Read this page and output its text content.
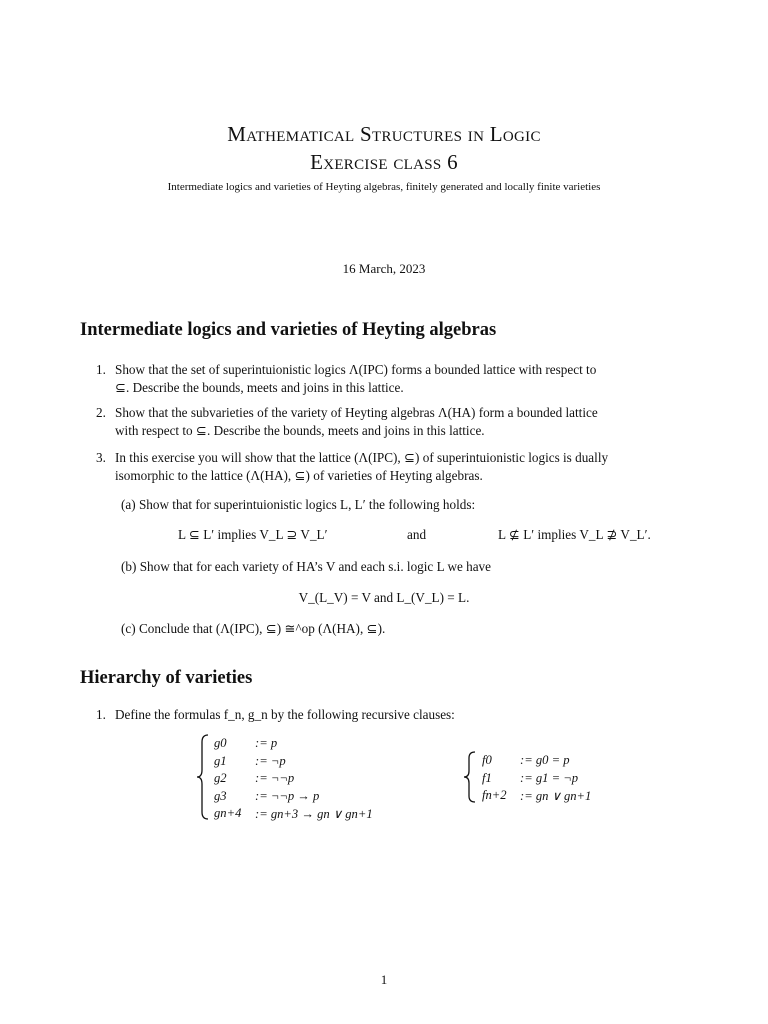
Mathematical Structures in Logic
Exercise class 6
Intermediate logics and varieties of Heyting algebras, finitely generated and locally finite varieties
16 March, 2023
Intermediate logics and varieties of Heyting algebras
1. Show that the set of superintuionistic logics Λ(IPC) forms a bounded lattice with respect to
⊆. Describe the bounds, meets and joins in this lattice.
2. Show that the subvarieties of the variety of Heyting algebras Λ(HA) form a bounded lattice
with respect to ⊆. Describe the bounds, meets and joins in this lattice.
3. In this exercise you will show that the lattice (Λ(IPC), ⊆) of superintuionistic logics is dually
isomorphic to the lattice (Λ(HA), ⊆) of varieties of Heyting algebras.
(a) Show that for superintuionistic logics L, L′ the following holds:
L ⊆ L′ implies V_L ⊇ V_L′	and	L ⊈ L′ implies V_L ⊉ V_L′.
(b) Show that for each variety of HA’s V and each s.i. logic L we have
V_(L_V) = V and L_(V_L) = L.
(c) Conclude that (Λ(IPC), ⊆) ≅^op (Λ(HA), ⊆).
Hierarchy of varieties
1. Define the formulas f_n, g_n by the following recursive clauses:
g0
g1
g2
g3
gn+4
:= p
:= ¬p
:= ¬¬p
:= ¬¬p → p
:= gn+3 → gn ∨ gn+1
f0
f1
fn+2
:= g0 = p
:= g1 = ¬p
:= gn ∨ gn+1
1
